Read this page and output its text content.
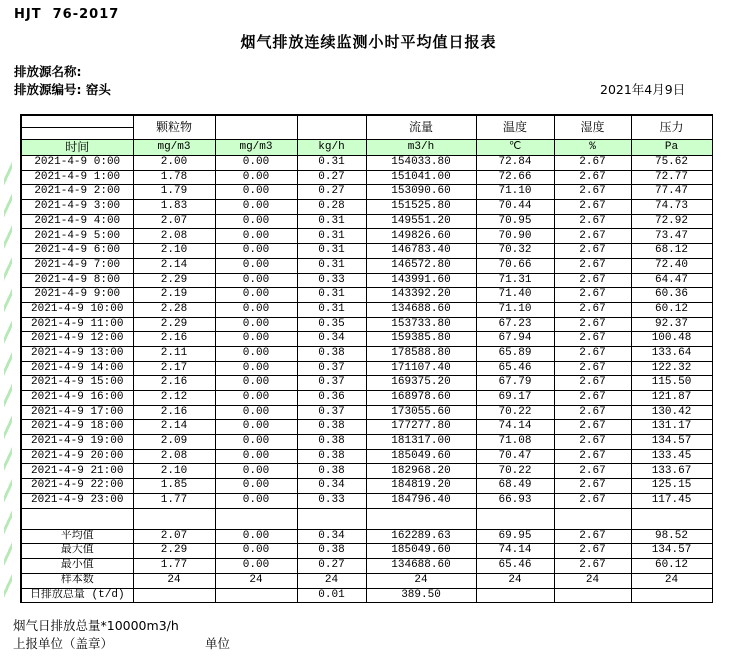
HJT  76-2017
烟气排放连续监测小时平均值日报表
排放源名称:
排放源编号: 窑头	2021年4月9日
	颗粒物			流量	温度	湿度	压力

时间	mg/m3	mg/m3	kg/h	m3/h	℃	%	Pa
2021-4-9 0:00	2.00	0.00	0.31	154033.80	72.84	2.67	75.62
2021-4-9 1:00	1.78	0.00	0.27	151041.00	72.66	2.67	72.77
2021-4-9 2:00	1.79	0.00	0.27	153090.60	71.10	2.67	77.47
2021-4-9 3:00	1.83	0.00	0.28	151525.80	70.44	2.67	74.73
2021-4-9 4:00	2.07	0.00	0.31	149551.20	70.95	2.67	72.92
2021-4-9 5:00	2.08	0.00	0.31	149826.60	70.90	2.67	73.47
2021-4-9 6:00	2.10	0.00	0.31	146783.40	70.32	2.67	68.12
2021-4-9 7:00	2.14	0.00	0.31	146572.80	70.66	2.67	72.40
2021-4-9 8:00	2.29	0.00	0.33	143991.60	71.31	2.67	64.47
2021-4-9 9:00	2.19	0.00	0.31	143392.20	71.40	2.67	60.36
2021-4-9 10:00	2.28	0.00	0.31	134688.60	71.10	2.67	60.12
2021-4-9 11:00	2.29	0.00	0.35	153733.80	67.23	2.67	92.37
2021-4-9 12:00	2.16	0.00	0.34	159385.80	67.94	2.67	100.48
2021-4-9 13:00	2.11	0.00	0.38	178588.80	65.89	2.67	133.64
2021-4-9 14:00	2.17	0.00	0.37	171107.40	65.46	2.67	122.32
2021-4-9 15:00	2.16	0.00	0.37	169375.20	67.79	2.67	115.50
2021-4-9 16:00	2.12	0.00	0.36	168978.60	69.17	2.67	121.87
2021-4-9 17:00	2.16	0.00	0.37	173055.60	70.22	2.67	130.42
2021-4-9 18:00	2.14	0.00	0.38	177277.80	74.14	2.67	131.17
2021-4-9 19:00	2.09	0.00	0.38	181317.00	71.08	2.67	134.57
2021-4-9 20:00	2.08	0.00	0.38	185049.60	70.47	2.67	133.45
2021-4-9 21:00	2.10	0.00	0.38	182968.20	70.22	2.67	133.67
2021-4-9 22:00	1.85	0.00	0.34	184819.20	68.49	2.67	125.15
2021-4-9 23:00	1.77	0.00	0.33	184796.40	66.93	2.67	117.45

平均值	2.07	0.00	0.34	162289.63	69.95	2.67	98.52
最大值	2.29	0.00	0.38	185049.60	74.14	2.67	134.57
最小值	1.77	0.00	0.27	134688.60	65.46	2.67	60.12
样本数	24	24	24	24	24	24	24
日排放总量 (t/d)			0.01	389.50			
烟气日排放总量*10000m3/h
上报单位（盖章）	单位
